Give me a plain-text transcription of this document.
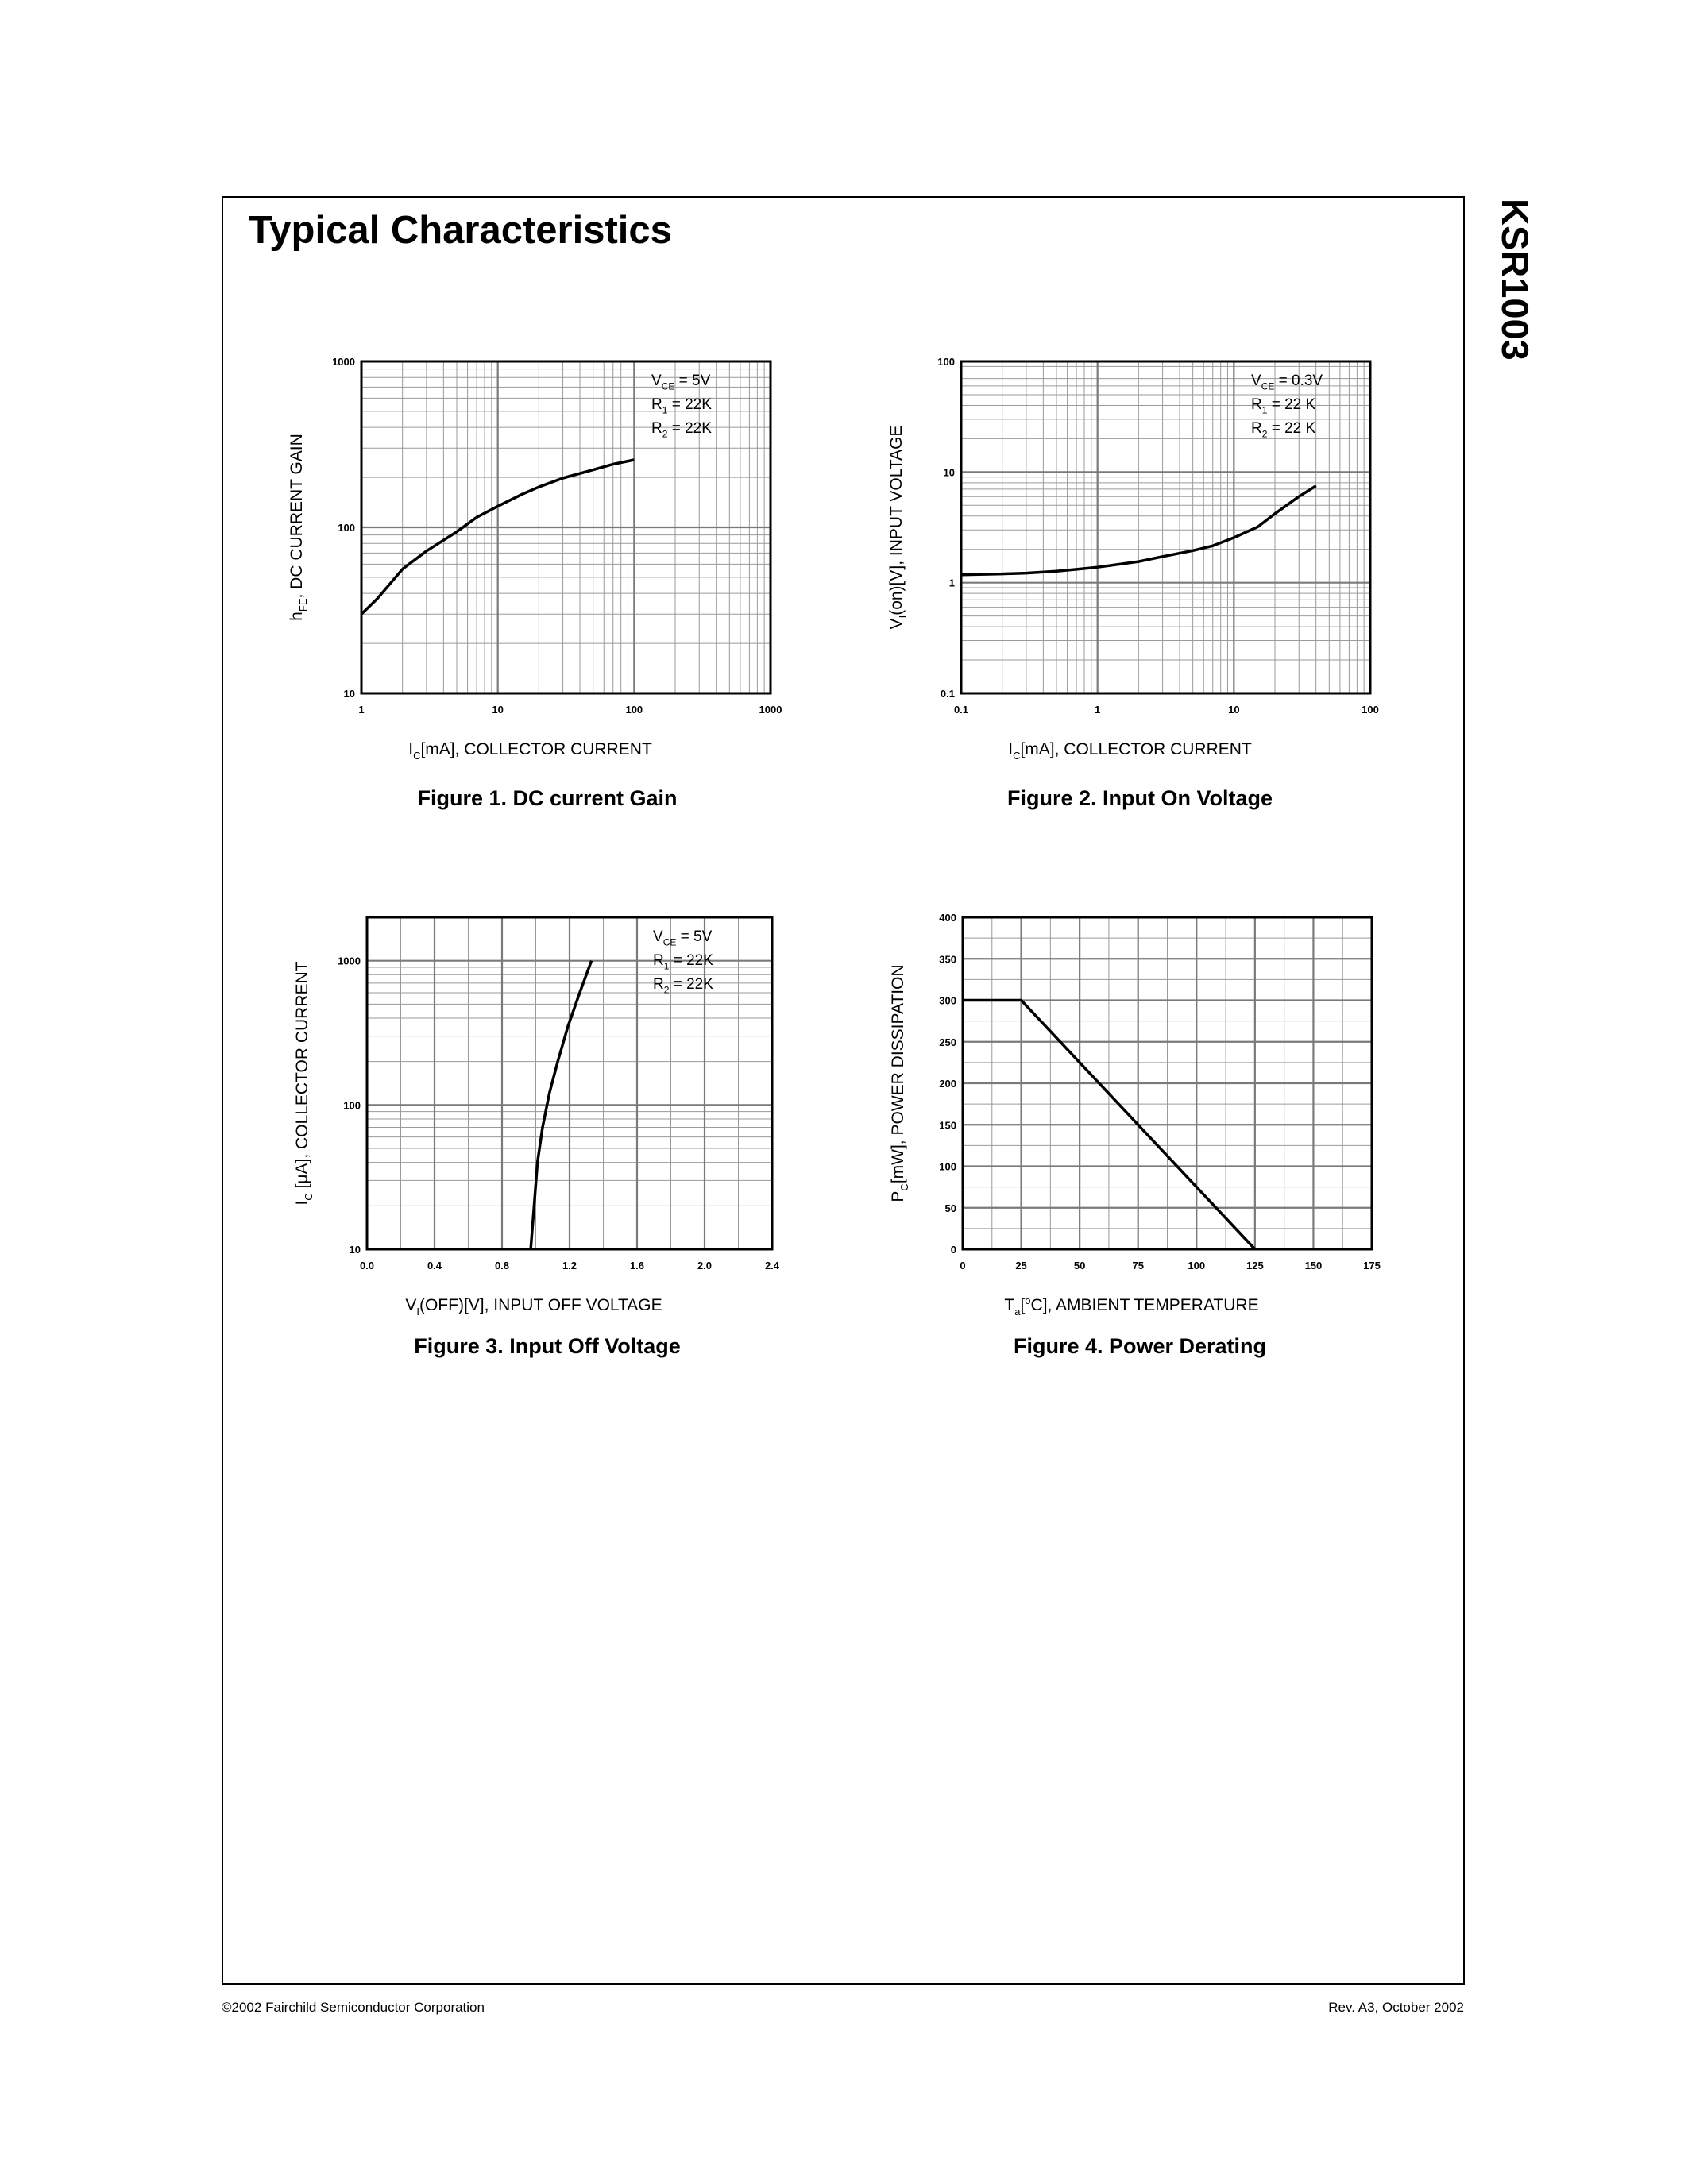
Typical Characteristics	KSR1003
1	10	100	1000
10
100
1000
$I_C[mA]$, COLLECTOR CURRENT
$h_{FE}$, DC CURRENT GAIN
$V_{CE} = 5V$
$R_1 = 22K$
$R_2 = 22K$
0.1	1	10	100
0.1
1
10
100
$I_C[mA]$, COLLECTOR CURRENT
$V_I(on)[V]$, INPUT VOLTAGE
$V_{CE} = 0.3V$
$R_1 = 22$ K
$R_2 = 22$ K
0.0	0.4	0.8	1.2	1.6	2.0	2.4
10
100
1000
$V_I(OFF)[V]$, INPUT OFF VOLTAGE
$I_C$ [μA], COLLECTOR CURRENT
$V_{CE} = 5V$
$R_1 = 22K$
$R_2 = 22K$
0	25	50	75	100	125	150	175
0
50
100
150
200
250
300
350
400
$T_a[^oC]$, AMBIENT TEMPERATURE
$P_C[mW]$, POWER DISSIPATION
Figure 1. DC current Gain	Figure 2. Input On Voltage
Figure 3. Input Off Voltage	Figure 4. Power Derating
©2002 Fairchild Semiconductor Corporation	Rev. A3, October 2002
